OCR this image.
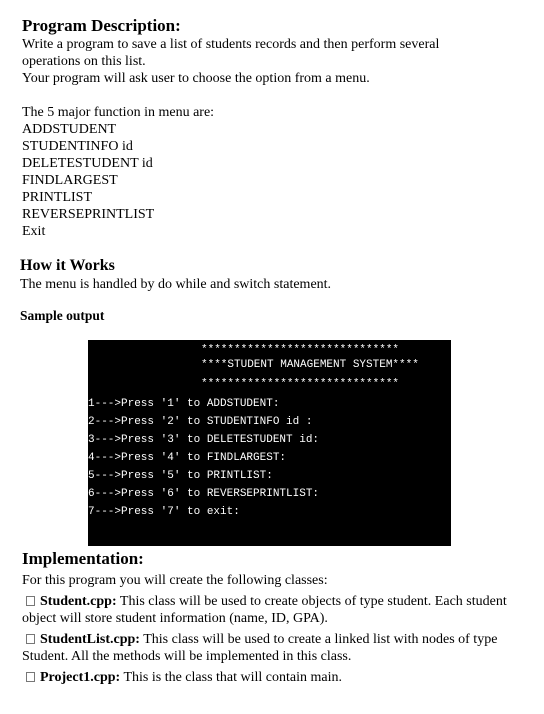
Program Description:
Write a program to save a list of students records and then perform several
operations on this list.
Your program will ask user to choose the option from a menu.
The 5 major function in menu are:
ADDSTUDENT
STUDENTINFO id
DELETESTUDENT id
FINDLARGEST
PRINTLIST
REVERSEPRINTLIST
Exit
How it Works
The menu is handled by do while and switch statement.
Sample output
******************************
****STUDENT MANAGEMENT SYSTEM****
******************************
1--->Press '1' to ADDSTUDENT:
2--->Press '2' to STUDENTINFO id :
3--->Press '3' to DELETESTUDENT id:
4--->Press '4' to FINDLARGEST:
5--->Press '5' to PRINTLIST:
6--->Press '6' to REVERSEPRINTLIST:
7--->Press '7' to exit:
Implementation:
For this program you will create the following classes:
Student.cpp: This class will be used to create objects of type student. Each student
object will store student information (name, ID, GPA).
StudentList.cpp: This class will be used to create a linked list with nodes of type
Student. All the methods will be implemented in this class.
Project1.cpp: This is the class that will contain main.
